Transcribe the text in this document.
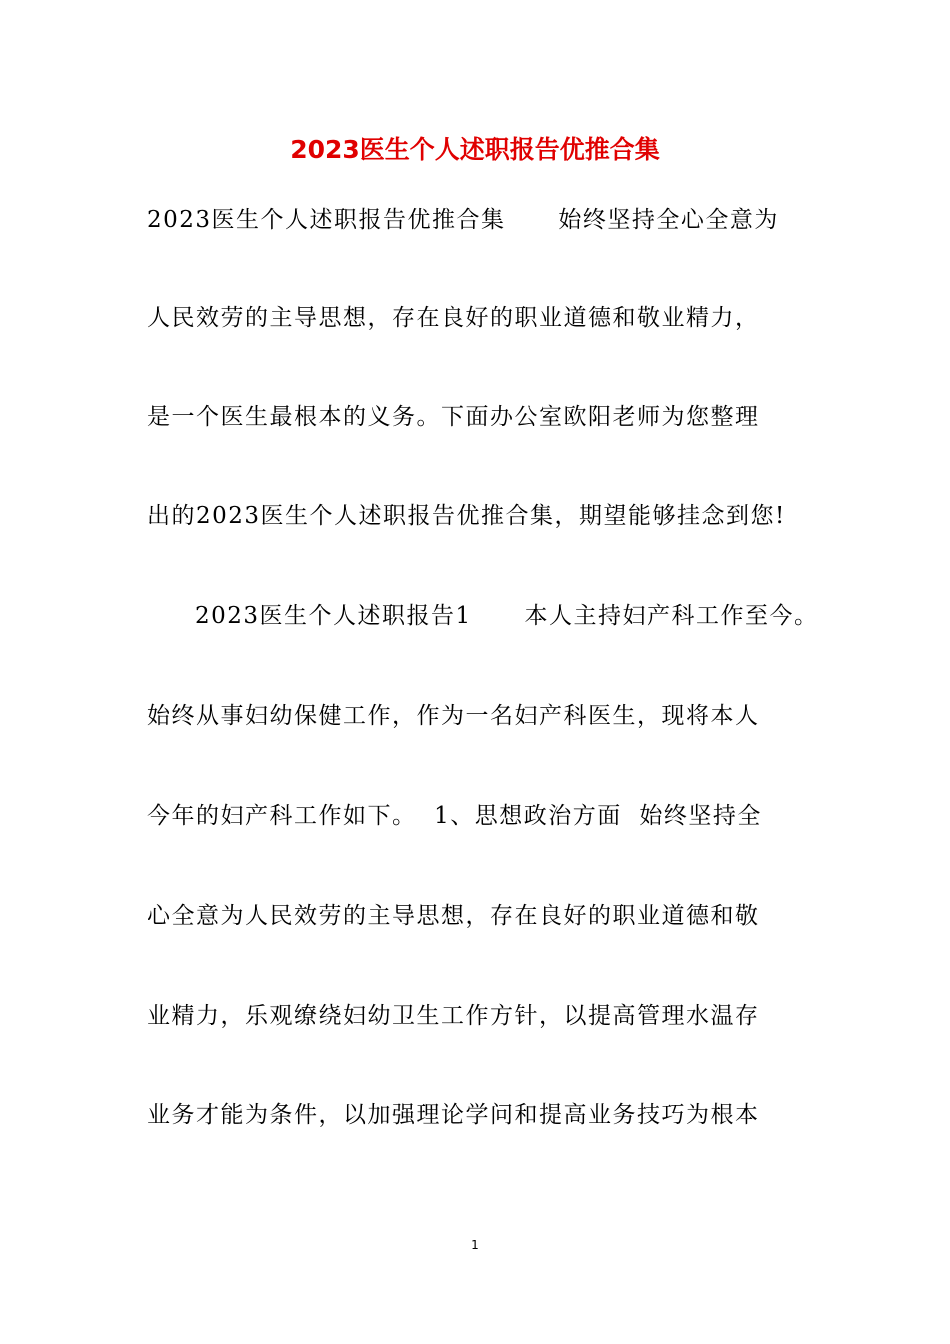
2023医生个人述职报告优推合集

2023医生个人述职报告优推合集      始终坚持全心全意为

人民效劳的主导思想，存在良好的职业道德和敬业精力，

是一个医生最根本的义务。下面办公室欧阳老师为您整理

出的2023医生个人述职报告优推合集，期望能够挂念到您!

2023医生个人述职报告1      本人主持妇产科工作至今。

始终从事妇幼保健工作，作为一名妇产科医生，现将本人

今年的妇产科工作如下。  1、思想政治方面  始终坚持全

心全意为人民效劳的主导思想，存在良好的职业道德和敬

业精力，乐观缭绕妇幼卫生工作方针，以提高管理水温存

业务才能为条件，以加强理论学问和提高业务技巧为根本

1
